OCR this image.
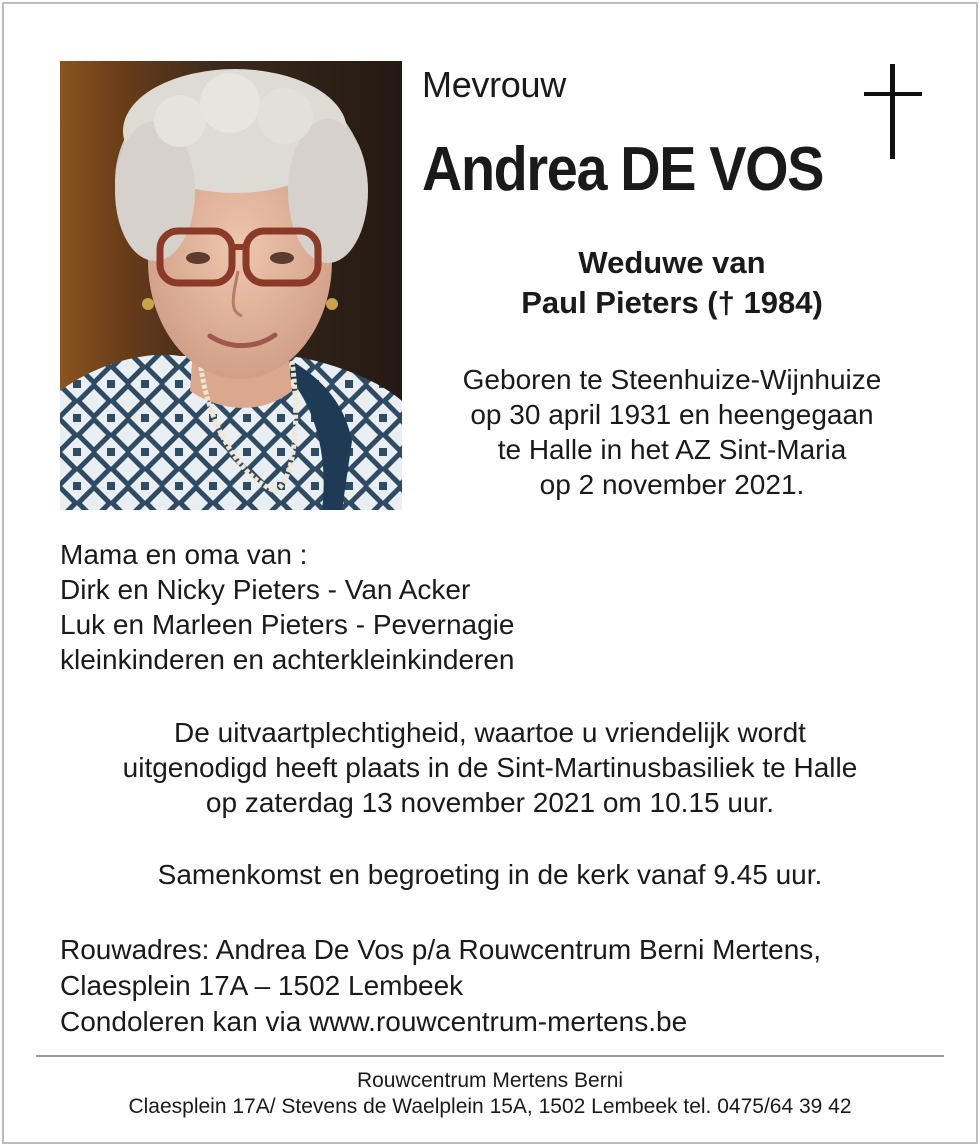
Mevrouw
Andrea DE VOS
Weduwe van
Paul Pieters († 1984)
Geboren te Steenhuize-Wijnhuize
op 30 april 1931 en heengegaan
te Halle in het AZ Sint-Maria
op 2 november 2021.
Mama en oma van :
Dirk en Nicky Pieters - Van Acker
Luk en Marleen Pieters - Pevernagie
kleinkinderen en achterkleinkinderen
De uitvaartplechtigheid, waartoe u vriendelijk wordt
uitgenodigd heeft plaats in de Sint-Martinusbasiliek te Halle
op zaterdag 13 november 2021 om 10.15 uur.
Samenkomst en begroeting in de kerk vanaf 9.45 uur.
Rouwadres: Andrea De Vos p/a Rouwcentrum Berni Mertens,
Claesplein 17A – 1502 Lembeek
Condoleren kan via www.rouwcentrum-mertens.be
Rouwcentrum Mertens Berni
Claesplein 17A/ Stevens de Waelplein 15A, 1502 Lembeek tel. 0475/64 39 42
